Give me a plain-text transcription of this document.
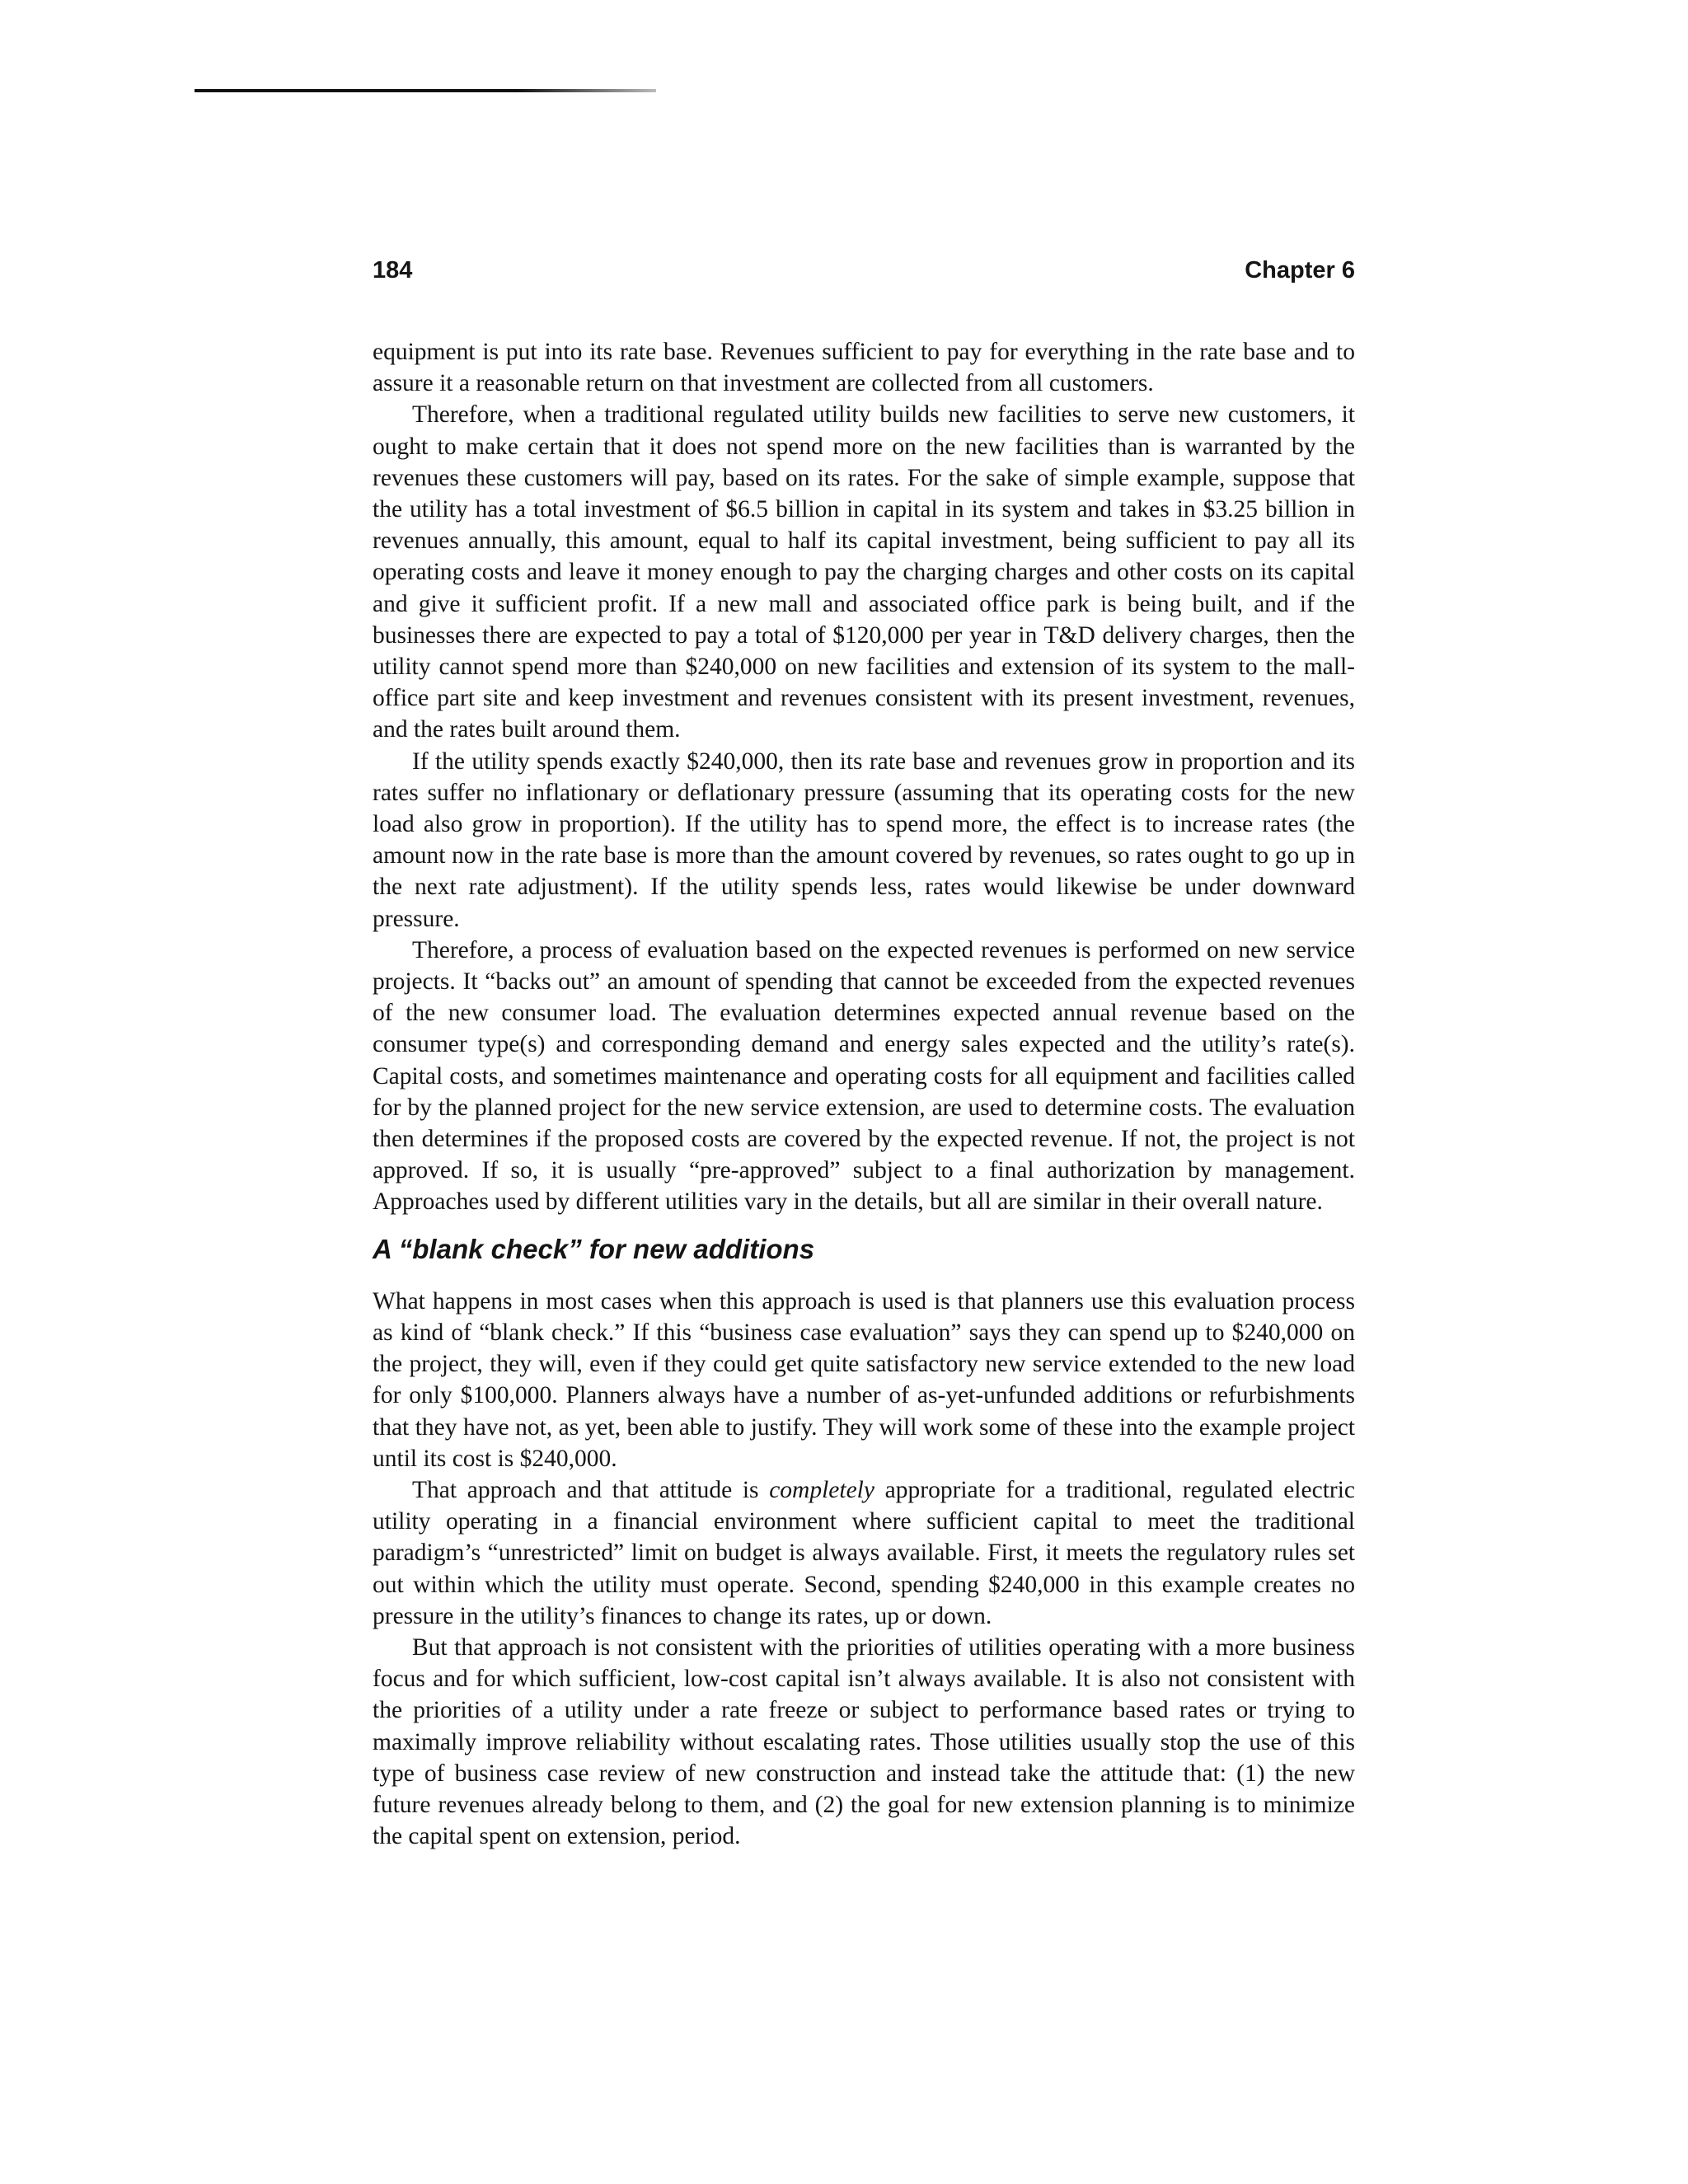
184	Chapter 6

equipment is put into its rate base. Revenues sufficient to pay for everything in the rate base and to assure it a reasonable return on that investment are collected from all customers.

Therefore, when a traditional regulated utility builds new facilities to serve new customers, it ought to make certain that it does not spend more on the new facilities than is warranted by the revenues these customers will pay, based on its rates. For the sake of simple example, suppose that the utility has a total investment of $6.5 billion in capital in its system and takes in $3.25 billion in revenues annually, this amount, equal to half its capital investment, being sufficient to pay all its operating costs and leave it money enough to pay the charging charges and other costs on its capital and give it sufficient profit. If a new mall and associated office park is being built, and if the businesses there are expected to pay a total of $120,000 per year in T&D delivery charges, then the utility cannot spend more than $240,000 on new facilities and extension of its system to the mall-office part site and keep investment and revenues consistent with its present investment, revenues, and the rates built around them.

If the utility spends exactly $240,000, then its rate base and revenues grow in proportion and its rates suffer no inflationary or deflationary pressure (assuming that its operating costs for the new load also grow in proportion). If the utility has to spend more, the effect is to increase rates (the amount now in the rate base is more than the amount covered by revenues, so rates ought to go up in the next rate adjustment). If the utility spends less, rates would likewise be under downward pressure.

Therefore, a process of evaluation based on the expected revenues is performed on new service projects. It “backs out” an amount of spending that cannot be exceeded from the expected revenues of the new consumer load. The evaluation determines expected annual revenue based on the consumer type(s) and corresponding demand and energy sales expected and the utility’s rate(s). Capital costs, and sometimes maintenance and operating costs for all equipment and facilities called for by the planned project for the new service extension, are used to determine costs. The evaluation then determines if the proposed costs are covered by the expected revenue. If not, the project is not approved. If so, it is usually “pre-approved” subject to a final authorization by management. Approaches used by different utilities vary in the details, but all are similar in their overall nature.

A “blank check” for new additions

What happens in most cases when this approach is used is that planners use this evaluation process as kind of “blank check.” If this “business case evaluation” says they can spend up to $240,000 on the project, they will, even if they could get quite satisfactory new service extended to the new load for only $100,000. Planners always have a number of as-yet-unfunded additions or refurbishments that they have not, as yet, been able to justify. They will work some of these into the example project until its cost is $240,000.

That approach and that attitude is completely appropriate for a traditional, regulated electric utility operating in a financial environment where sufficient capital to meet the traditional paradigm’s “unrestricted” limit on budget is always available. First, it meets the regulatory rules set out within which the utility must operate. Second, spending $240,000 in this example creates no pressure in the utility’s finances to change its rates, up or down.

But that approach is not consistent with the priorities of utilities operating with a more business focus and for which sufficient, low-cost capital isn’t always available. It is also not consistent with the priorities of a utility under a rate freeze or subject to performance based rates or trying to maximally improve reliability without escalating rates. Those utilities usually stop the use of this type of business case review of new construction and instead take the attitude that: (1) the new future revenues already belong to them, and (2) the goal for new extension planning is to minimize the capital spent on extension, period.
